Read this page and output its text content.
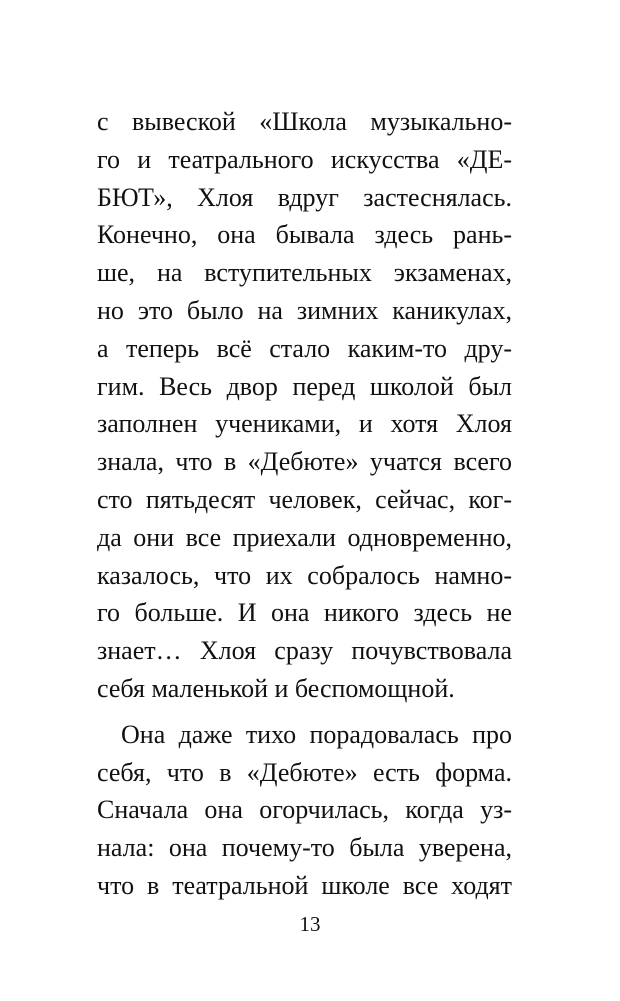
с вывеской «Школа музыкально-
го и театрального искусства «ДЕ-
БЮТ», Хлоя вдруг застеснялась.
Конечно, она бывала здесь рань-
ше, на вступительных экзаменах,
но это было на зимних каникулах,
а теперь всё стало каким-то дру-
гим. Весь двор перед школой был
заполнен учениками, и хотя Хлоя
знала, что в «Дебюте» учатся всего
сто пятьдесят человек, сейчас, ког-
да они все приехали одновременно,
казалось, что их собралось намно-
го больше. И она никого здесь не
знает… Хлоя сразу почувствовала
себя маленькой и беспомощной.
Она даже тихо порадовалась про
себя, что в «Дебюте» есть форма.
Сначала она огорчилась, когда уз-
нала: она почему-то была уверена,
что в театральной школе все ходят
13
